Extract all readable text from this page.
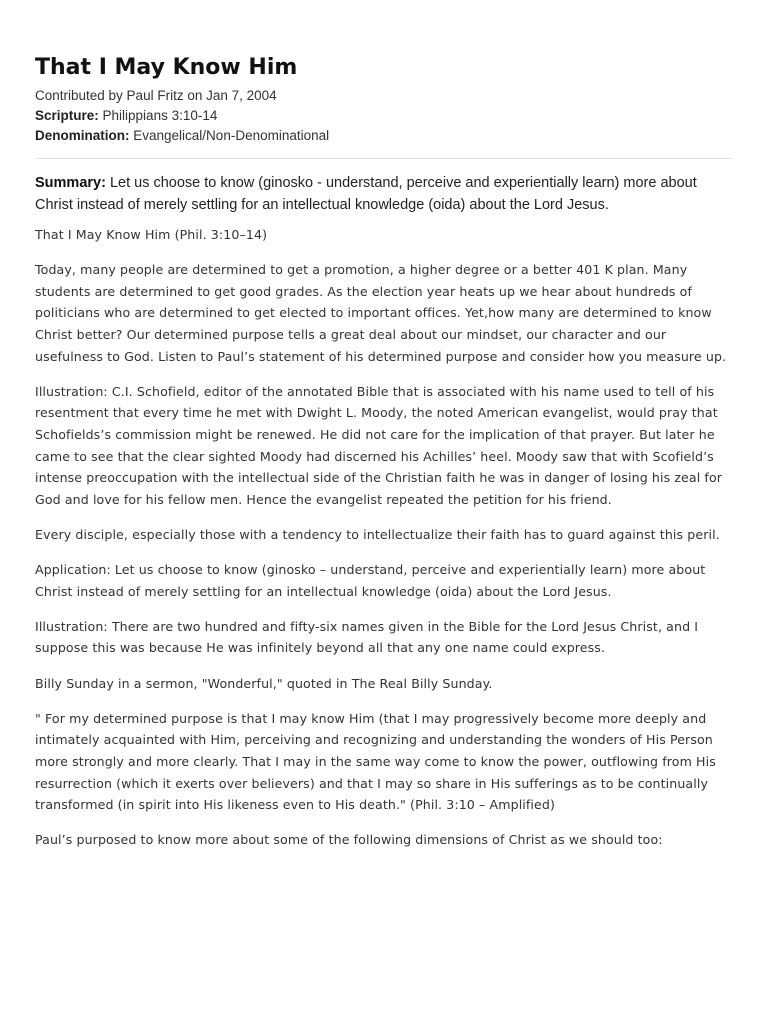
That I May Know Him
Contributed by Paul Fritz on Jan 7, 2004
Scripture: Philippians 3:10-14
Denomination: Evangelical/Non-Denominational

Summary: Let us choose to know (ginosko - understand, perceive and experientially learn) more about Christ instead of merely settling for an intellectual knowledge (oida) about the Lord Jesus.

That I May Know Him (Phil. 3:10–14)

Today, many people are determined to get a promotion, a higher degree or a better 401 K plan. Many students are determined to get good grades. As the election year heats up we hear about hundreds of politicians who are determined to get elected to important offices. Yet,how many are determined to know Christ better? Our determined purpose tells a great deal about our mindset, our character and our usefulness to God. Listen to Paul’s statement of his determined purpose and consider how you measure up.

Illustration: C.I. Schofield, editor of the annotated Bible that is associated with his name used to tell of his resentment that every time he met with Dwight L. Moody, the noted American evangelist, would pray that Schofields’s commission might be renewed. He did not care for the implication of that prayer. But later he came to see that the clear sighted Moody had discerned his Achilles’ heel. Moody saw that with Scofield’s intense preoccupation with the intellectual side of the Christian faith he was in danger of losing his zeal for God and love for his fellow men. Hence the evangelist repeated the petition for his friend.

Every disciple, especially those with a tendency to intellectualize their faith has to guard against this peril.

Application: Let us choose to know (ginosko – understand, perceive and experientially learn) more about Christ instead of merely settling for an intellectual knowledge (oida) about the Lord Jesus.

Illustration: There are two hundred and fifty-six names given in the Bible for the Lord Jesus Christ, and I suppose this was because He was infinitely beyond all that any one name could express.

Billy Sunday in a sermon, "Wonderful," quoted in The Real Billy Sunday.

" For my determined purpose is that I may know Him (that I may progressively become more deeply and intimately acquainted with Him, perceiving and recognizing and understanding the wonders of His Person more strongly and more clearly. That I may in the same way come to know the power, outflowing from His resurrection (which it exerts over believers) and that I may so share in His sufferings as to be continually transformed (in spirit into His likeness even to His death." (Phil. 3:10 – Amplified)

Paul’s purposed to know more about some of the following dimensions of Christ as we should too:
